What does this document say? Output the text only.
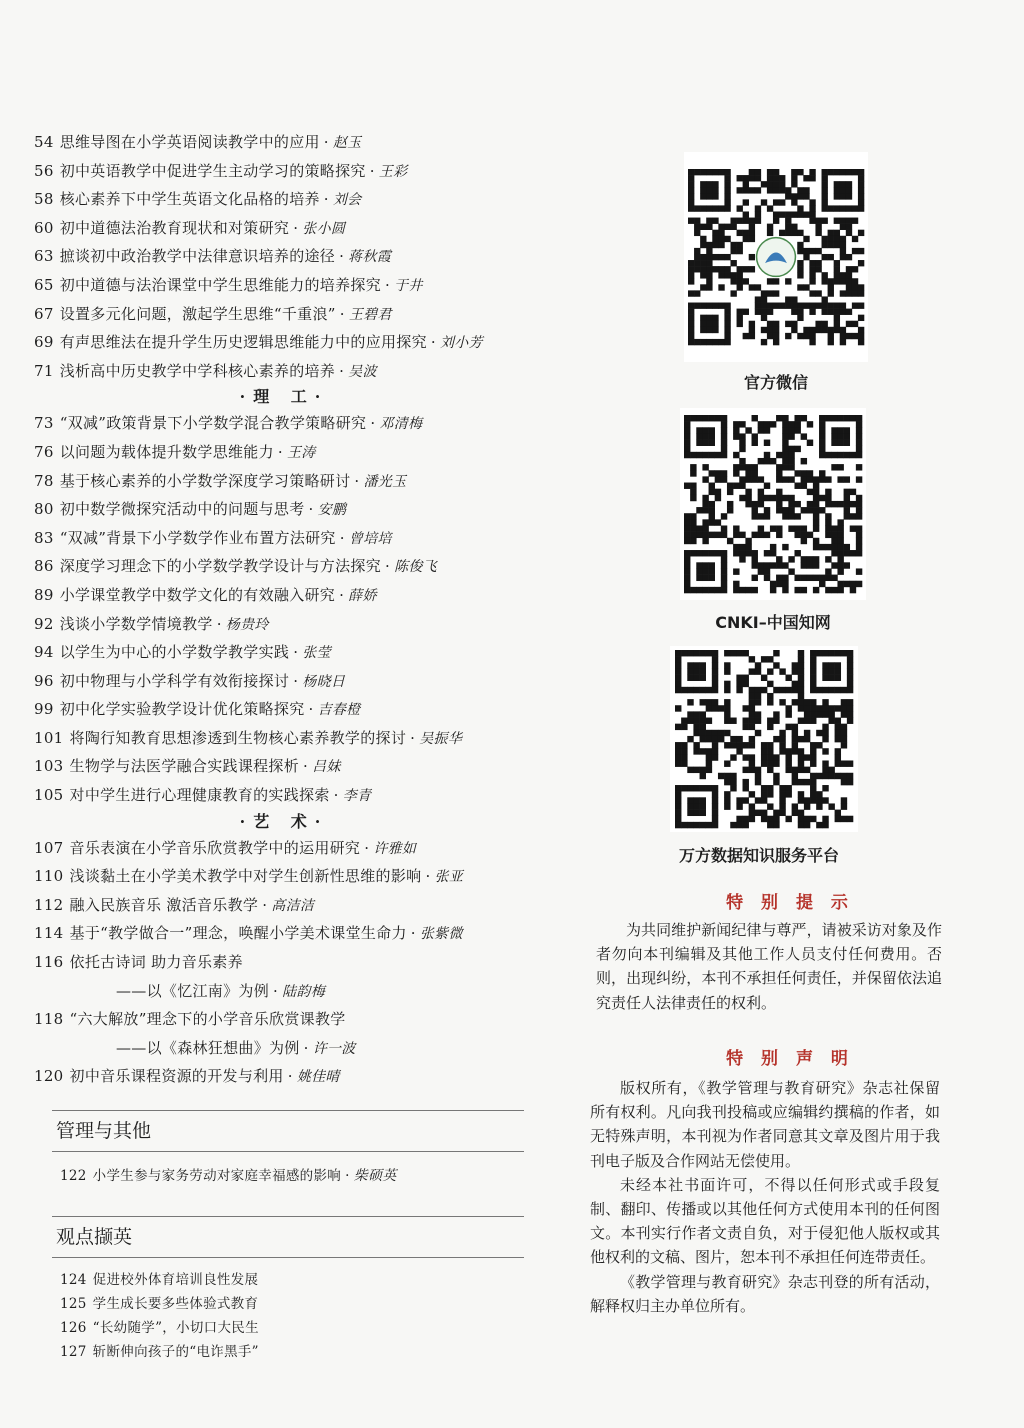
54 思维导图在小学英语阅读教学中的应用 · 赵玉
56 初中英语教学中促进学生主动学习的策略探究 · 王彩
58 核心素养下中学生英语文化品格的培养 · 刘会
60 初中道德法治教育现状和对策研究 · 张小圆
63 摭谈初中政治教学中法律意识培养的途径 · 蒋秋霞
65 初中道德与法治课堂中学生思维能力的培养探究 · 于井
67 设置多元化问题，激起学生思维“千重浪” · 王碧君
69 有声思维法在提升学生历史逻辑思维能力中的应用探究 · 刘小芳
71 浅析高中历史教学中学科核心素养的培养 · 吴波
·理 工·
73 “双减”政策背景下小学数学混合教学策略研究 · 邓清梅
76 以问题为载体提升数学思维能力 · 王涛
78 基于核心素养的小学数学深度学习策略研讨 · 潘光玉
80 初中数学微探究活动中的问题与思考 · 安鹏
83 “双减”背景下小学数学作业布置方法研究 · 曾培培
86 深度学习理念下的小学数学教学设计与方法探究 · 陈俊飞
89 小学课堂教学中数学文化的有效融入研究 · 薛娇
92 浅谈小学数学情境教学 · 杨贵玲
94 以学生为中心的小学数学教学实践 · 张莹
96 初中物理与小学科学有效衔接探讨 · 杨晓日
99 初中化学实验教学设计优化策略探究 · 吉春橙
101 将陶行知教育思想渗透到生物核心素养教学的探讨 · 吴振华
103 生物学与法医学融合实践课程探析 · 吕妹
105 对中学生进行心理健康教育的实践探索 · 李青
·艺 术·
107 音乐表演在小学音乐欣赏教学中的运用研究 · 许雅如
110 浅谈黏土在小学美术教学中对学生创新性思维的影响 · 张亚
112 融入民族音乐 激活音乐教学 · 高洁洁
114 基于“教学做合一”理念，唤醒小学美术课堂生命力 · 张紫微
116 依托古诗词 助力音乐素养
——以《忆江南》为例 · 陆韵梅
118 “六大解放”理念下的小学音乐欣赏课教学
——以《森林狂想曲》为例 · 许一波
120 初中音乐课程资源的开发与利用 · 姚佳晴
管理与其他
122 小学生参与家务劳动对家庭幸福感的影响 · 柴硕英
观点撷英
124 促进校外体育培训良性发展
125 学生成长要多些体验式教育
126 “长幼随学”，小切口大民生
127 斩断伸向孩子的“电诈黑手”
官方微信
CNKI–中国知网
万方数据知识服务平台
特 别 提 示

为共同维护新闻纪律与尊严，请被采访对象及作者勿向本刊编辑及其他工作人员支付任何费用。否则，出现纠纷，本刊不承担任何责任，并保留依法追究责任人法律责任的权利。

特 别 声 明

版权所有，《教学管理与教育研究》杂志社保留所有权利。凡向我刊投稿或应编辑约撰稿的作者，如无特殊声明，本刊视为作者同意其文章及图片用于我刊电子版及合作网站无偿使用。

未经本社书面许可，不得以任何形式或手段复制、翻印、传播或以其他任何方式使用本刊的任何图文。本刊实行作者文责自负，对于侵犯他人版权或其他权利的文稿、图片，恕本刊不承担任何连带责任。

《教学管理与教育研究》杂志刊登的所有活动，解释权归主办单位所有。
